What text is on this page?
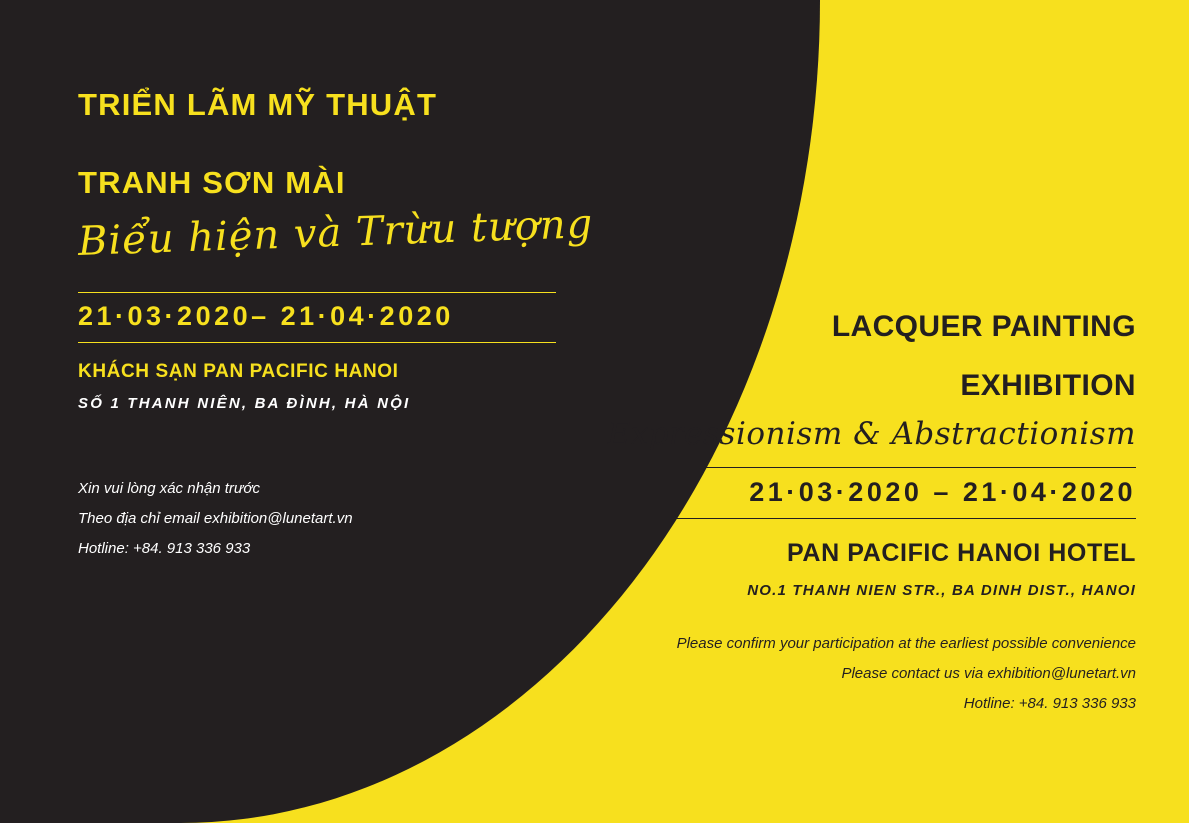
TRIỂN LÃM MỸ THUẬT
TRANH SƠN MÀI
Biểu hiện và Trừu tượng
21·03·2020– 21·04·2020
KHÁCH SẠN PAN PACIFIC HANOI
SỐ 1 THANH NIÊN, BA ĐÌNH, HÀ NỘI
Xin vui lòng xác nhận trước
Theo địa chỉ email exhibition@lunetart.vn
Hotline: +84. 913 336 933
LACQUER PAINTING
EXHIBITION
Expressionism & Abstractionism
21·03·2020 – 21·04·2020
PAN PACIFIC HANOI HOTEL
NO.1 THANH NIEN STR., BA DINH DIST., HANOI
Please confirm your participation at the earliest possible convenience
Please contact us via exhibition@lunetart.vn
Hotline: +84. 913 336 933
